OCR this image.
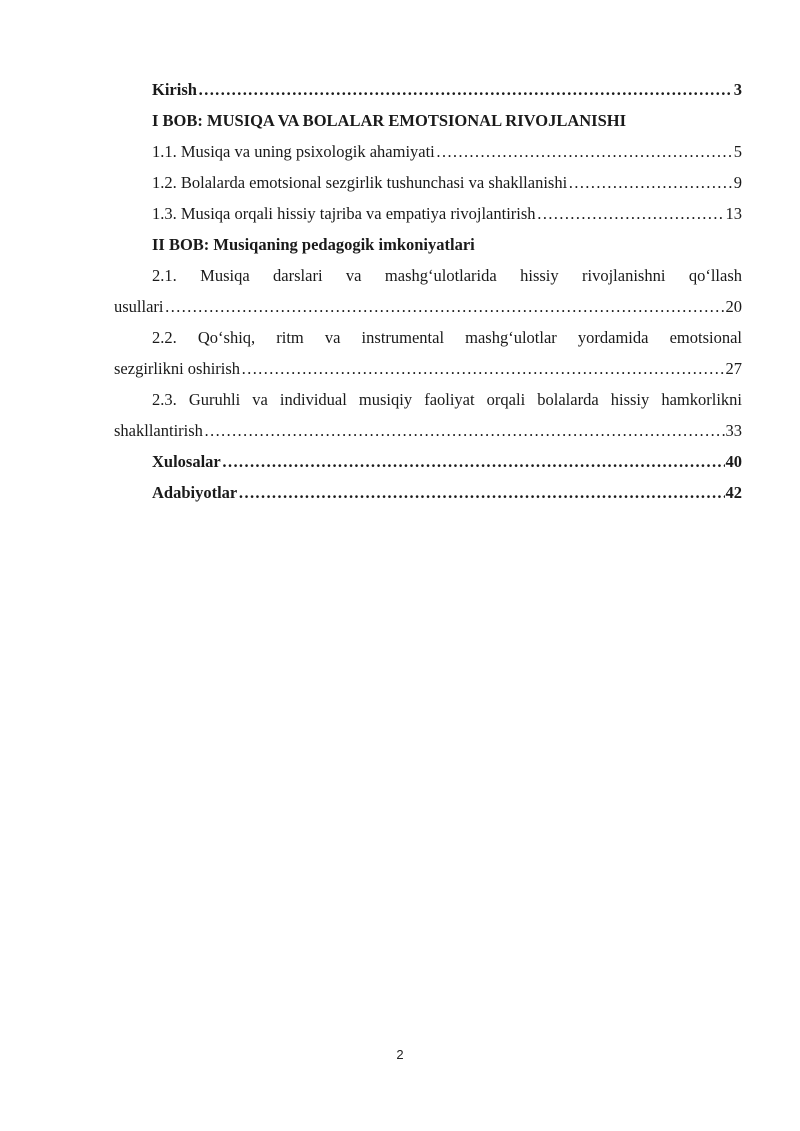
Kirish ………………………………………………………………………………………………………………………………………………………………………………………………………………	3
I BOB: MUSIQA VA BOLALAR EMOTSIONAL RIVOJLANISHI
1.1. Musiqa va uning psixologik ahamiyati ………………………………………………………………………………………………………………………………………………………………………………………………………………	5
1.2. Bolalarda emotsional sezgirlik tushunchasi va shakllanishi ………………………………………………………………………………………………………………………………………………………………………………………………………………	9
1.3. Musiqa orqali hissiy tajriba va empatiya rivojlantirish ………………………………………………………………………………………………………………………………………………………………………………………………………………	13
II BOB: Musiqaning pedagogik imkoniyatlari
2.1. Musiqa darslari va mashg‘ulotlarida hissiy rivojlanishni qo‘llash
usullari ………………………………………………………………………………………………………………………………………………………………………………………………………………	20
2.2. Qo‘shiq, ritm va instrumental mashg‘ulotlar yordamida emotsional
sezgirlikni oshirish ………………………………………………………………………………………………………………………………………………………………………………………………………………	27
2.3. Guruhli va individual musiqiy faoliyat orqali bolalarda hissiy hamkorlikni
shakllantirish ………………………………………………………………………………………………………………………………………………………………………………………………………………	33
Xulosalar ………………………………………………………………………………………………………………………………………………………………………………………………………………	40
Adabiyotlar ………………………………………………………………………………………………………………………………………………………………………………………………………………	42
2
